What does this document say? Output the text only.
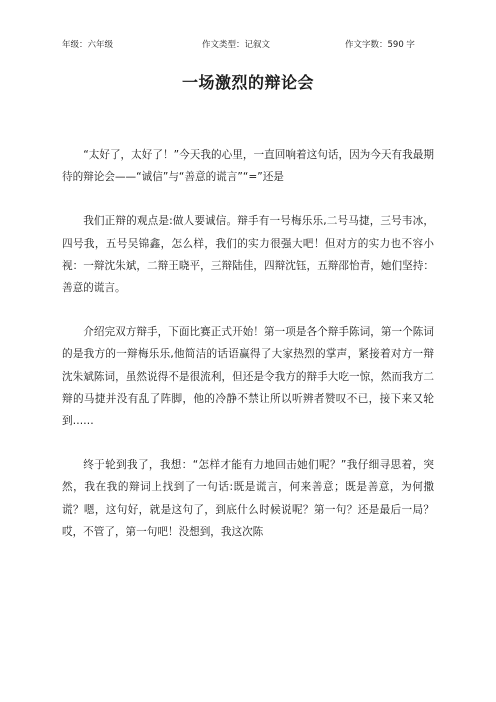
年级：六年级	作文类型：记叙文	作文字数：590 字
一场激烈的辩论会

“太好了，太好了！”今天我的心里，一直回响着这句话，因为今天有我最期待的辩论会——“诚信”与“善意的谎言”“=”还是

我们正辩的观点是:做人要诚信。辩手有一号梅乐乐,二号马捷，三号韦冰，四号我，五号吴锦鑫，怎么样，我们的实力很强大吧！但对方的实力也不容小视：一辩沈朱斌，二辩王晓平，三辩陆佳，四辩沈钰，五辩邵怡青，她们坚持：善意的谎言。

介绍完双方辩手，下面比赛正式开始！第一项是各个辩手陈词，第一个陈词的是我方的一辩梅乐乐,他简洁的话语赢得了大家热烈的掌声，紧接着对方一辩沈朱斌陈词，虽然说得不是很流利，但还是令我方的辩手大吃一惊，然而我方二辩的马捷并没有乱了阵脚，他的冷静不禁让所以听辨者赞叹不已，接下来又轮到……

终于轮到我了，我想：“怎样才能有力地回击她们呢？”我仔细寻思着，突然，我在我的辩词上找到了一句话:既是谎言，何来善意；既是善意，为何撒谎？嗯，这句好，就是这句了，到底什么时候说呢？第一句？还是最后一局？哎，不管了，第一句吧！没想到，我这次陈
